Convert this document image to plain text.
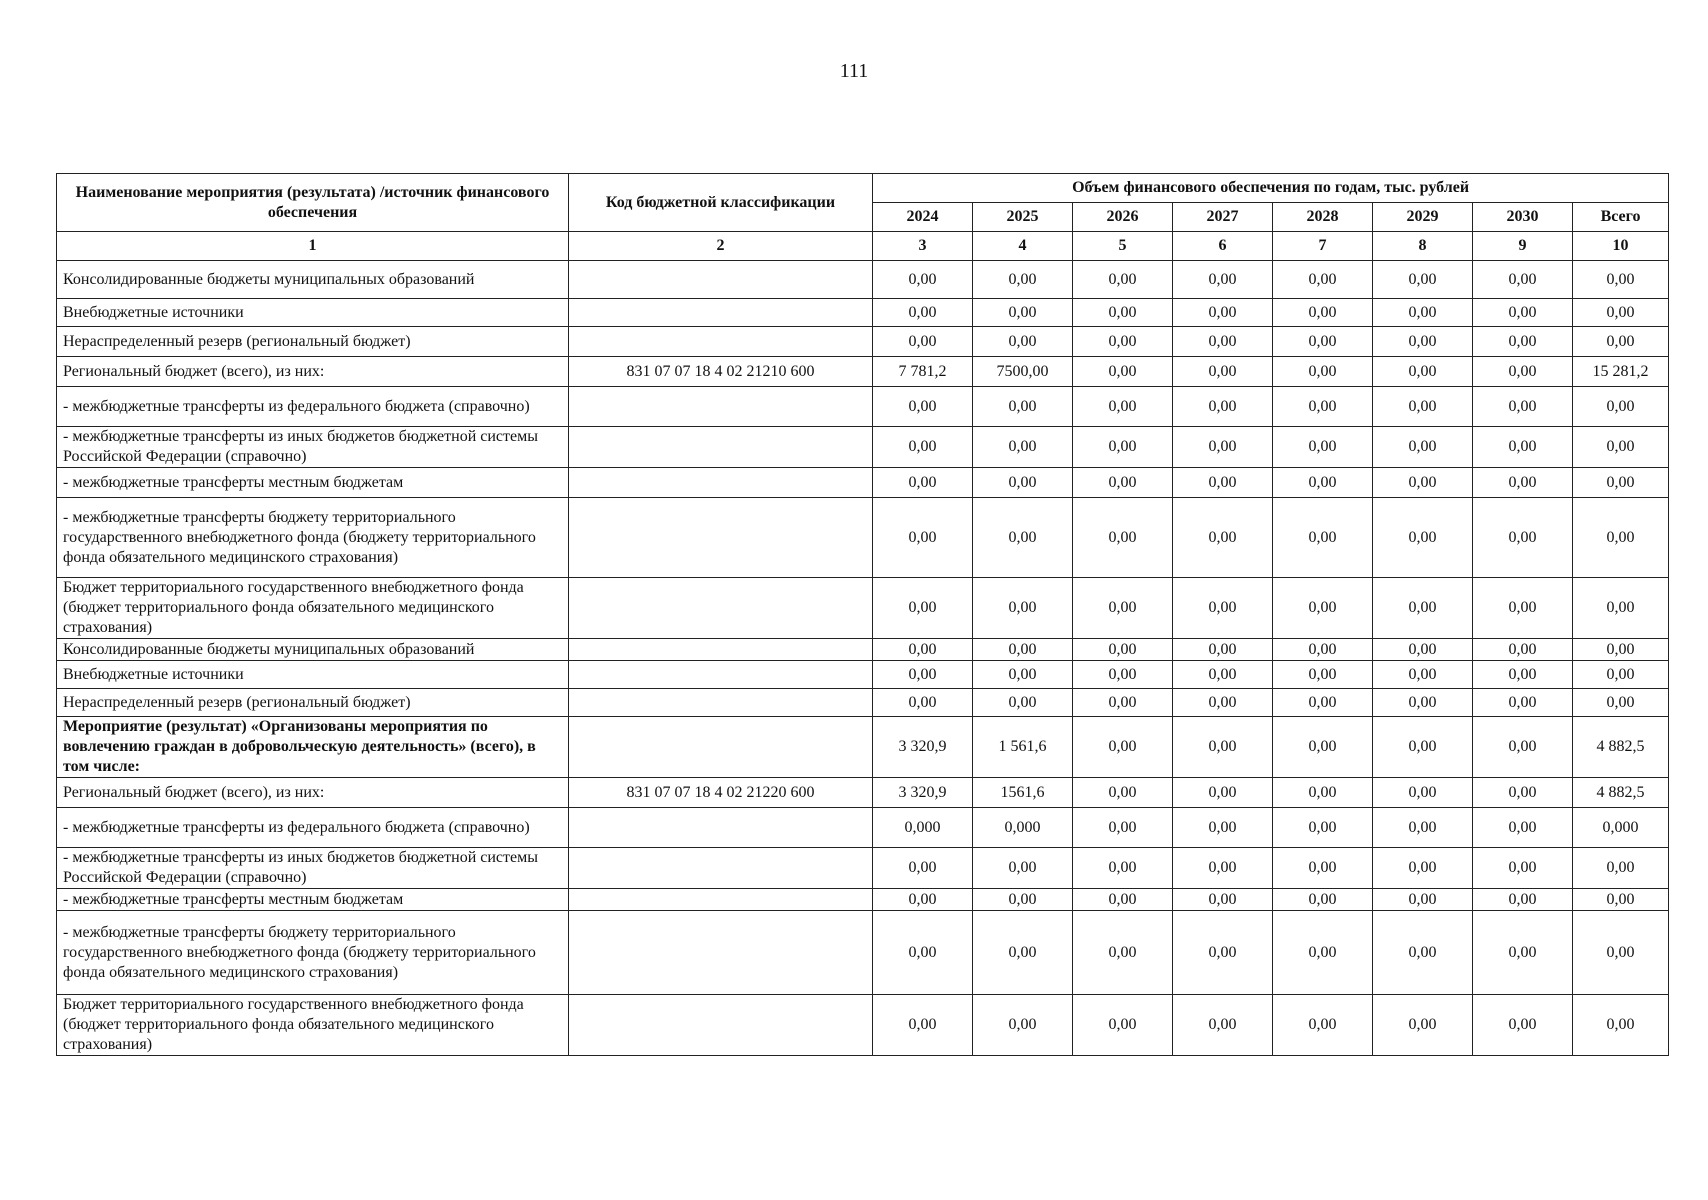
111
Наименование мероприятия (результата) /источник финансового обеспечения	Код бюджетной классификации	Объем финансового обеспечения по годам, тыс. рублей							
		2024	2025	2026	2027	2028	2029	2030	Всего
1	2	3	4	5	6	7	8	9	10
Консолидированные бюджеты муниципальных образований		0,00	0,00	0,00	0,00	0,00	0,00	0,00	0,00
Внебюджетные источники		0,00	0,00	0,00	0,00	0,00	0,00	0,00	0,00
Нераспределенный резерв (региональный бюджет)		0,00	0,00	0,00	0,00	0,00	0,00	0,00	0,00
Региональный бюджет (всего), из них:	831 07 07 18 4 02 21210 600	7 781,2	7500,00	0,00	0,00	0,00	0,00	0,00	15 281,2
- межбюджетные трансферты из федерального бюджета (справочно)		0,00	0,00	0,00	0,00	0,00	0,00	0,00	0,00
- межбюджетные трансферты из иных бюджетов бюджетной системы Российской Федерации (справочно)		0,00	0,00	0,00	0,00	0,00	0,00	0,00	0,00
- межбюджетные трансферты местным бюджетам		0,00	0,00	0,00	0,00	0,00	0,00	0,00	0,00
- межбюджетные трансферты бюджету территориального государственного внебюджетного фонда (бюджету территориального фонда обязательного медицинского страхования)		0,00	0,00	0,00	0,00	0,00	0,00	0,00	0,00
Бюджет территориального государственного внебюджетного фонда (бюджет территориального фонда обязательного медицинского страхования)		0,00	0,00	0,00	0,00	0,00	0,00	0,00	0,00
Консолидированные бюджеты муниципальных образований		0,00	0,00	0,00	0,00	0,00	0,00	0,00	0,00
Внебюджетные источники		0,00	0,00	0,00	0,00	0,00	0,00	0,00	0,00
Нераспределенный резерв (региональный бюджет)		0,00	0,00	0,00	0,00	0,00	0,00	0,00	0,00
Мероприятие (результат) «Организованы мероприятия по вовлечению граждан в добровольческую деятельность» (всего), в том числе:		3 320,9	1 561,6	0,00	0,00	0,00	0,00	0,00	4 882,5
Региональный бюджет (всего), из них:	831 07 07 18 4 02 21220 600	3 320,9	1561,6	0,00	0,00	0,00	0,00	0,00	4 882,5
- межбюджетные трансферты из федерального бюджета (справочно)		0,000	0,000	0,00	0,00	0,00	0,00	0,00	0,000
- межбюджетные трансферты из иных бюджетов бюджетной системы Российской Федерации (справочно)		0,00	0,00	0,00	0,00	0,00	0,00	0,00	0,00
- межбюджетные трансферты местным бюджетам		0,00	0,00	0,00	0,00	0,00	0,00	0,00	0,00
- межбюджетные трансферты бюджету территориального государственного внебюджетного фонда (бюджету территориального фонда обязательного медицинского страхования)		0,00	0,00	0,00	0,00	0,00	0,00	0,00	0,00
Бюджет территориального государственного внебюджетного фонда (бюджет территориального фонда обязательного медицинского страхования)		0,00	0,00	0,00	0,00	0,00	0,00	0,00	0,00
